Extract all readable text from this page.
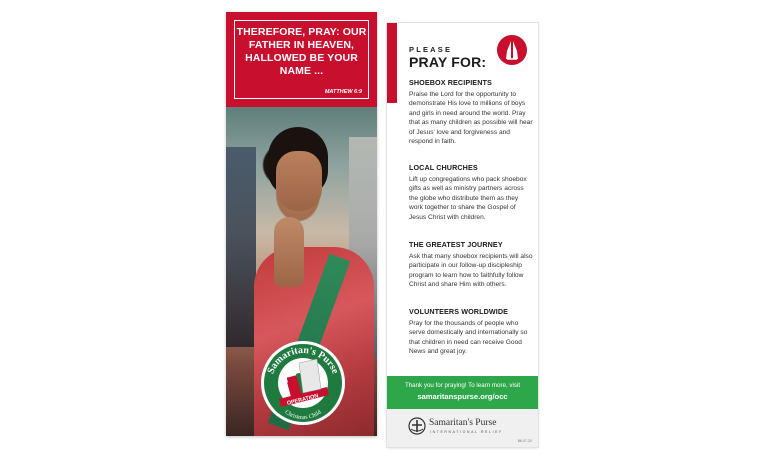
THEREFORE, PRAY: OUR FATHER IN HEAVEN, HALLOWED BE YOUR NAME ...
MATTHEW 6:9
Samaritan's Purse
Christmas Child
OPERATION
PLEASE
PRAY FOR:
SHOEBOX RECIPIENTS

Praise the Lord for the opportunity to demonstrate His love to millions of boys and girls in need around the world. Pray that as many children as possible will hear of Jesus' love and forgiveness and respond in faith.

LOCAL CHURCHES

Lift up congregations who pack shoebox gifts as well as ministry partners across the globe who distribute them as they work together to share the Gospel of Jesus Christ with children.

THE GREATEST JOURNEY

Ask that many shoebox recipients will also participate in our follow-up discipleship program to learn how to faithfully follow Christ and share Him with others.

VOLUNTEERS WORLDWIDE

Pray for the thousands of people who serve domestically and internationally so that children in need can receive Good News and great joy.

Thank you for praying! To learn more, visit
samaritanspurse.org/occ
Samaritan's Purse
INTERNATIONAL RELIEF
BK-07-2X
